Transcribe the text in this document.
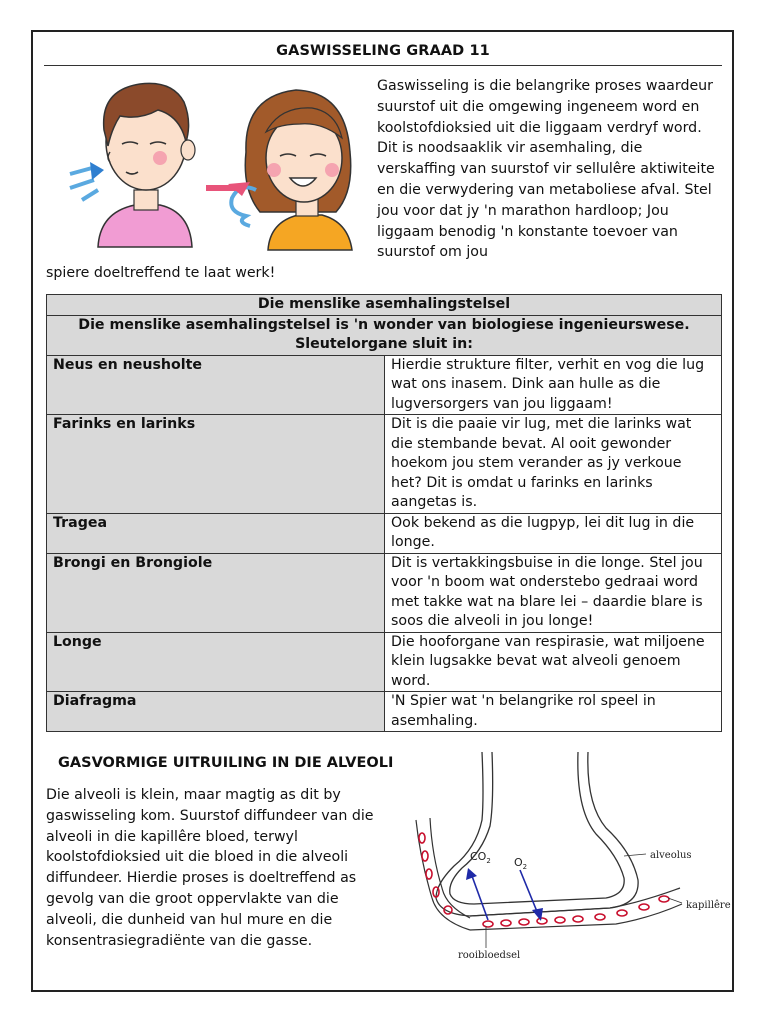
GASWISSELING GRAAD 11

Gaswisseling is die belangrike proses waardeur suurstof uit die omgewing ingeneem word en koolstofdioksied uit die liggaam verdryf word. Dit is noodsaaklik vir asemhaling, die verskaffing van suurstof vir sellulêre aktiwiteite en die verwydering van metaboliese afval. Stel jou voor dat jy 'n marathon hardloop; Jou liggaam benodig 'n konstante toevoer van suurstof om jou

spiere doeltreffend te laat werk!

Die menslike asemhalingstelsel	
Die menslike asemhalingstelsel is 'n wonder van biologiese ingenieurswese. Sleutelorgane sluit in:	
Neus en neusholte	Hierdie strukture filter, verhit en vog die lug wat ons inasem. Dink aan hulle as die lugversorgers van jou liggaam!
Farinks en larinks	Dit is die paaie vir lug, met die larinks wat die stembande bevat. Al ooit gewonder hoekom jou stem verander as jy verkoue het? Dit is omdat u farinks en larinks aangetas is.
Tragea	Ook bekend as die lugpyp, lei dit lug in die longe.
Brongi en Brongiole	Dit is vertakkingsbuise in die longe. Stel jou voor 'n boom wat onderstebo gedraai word met takke wat na blare lei – daardie blare is soos die alveoli in jou longe!
Longe	Die hooforgane van respirasie, wat miljoene klein lugsakke bevat wat alveoli genoem word.
Diafragma	'N Spier wat 'n belangrike rol speel in asemhaling.
GASVORMIGE UITRUILING IN DIE ALVEOLI

Die alveoli is klein, maar magtig as dit by gaswisseling kom. Suurstof diffundeer van die alveoli in die kapillêre bloed, terwyl koolstofdioksied uit die bloed in die alveoli diffundeer. Hierdie proses is doeltreffend as gevolg van die groot oppervlakte van die alveoli, die dunheid van hul mure en die konsentrasiegradiënte van die gasse.

$CO_2$ $O_2$
alveolus
kapillêre
rooibloedsel
